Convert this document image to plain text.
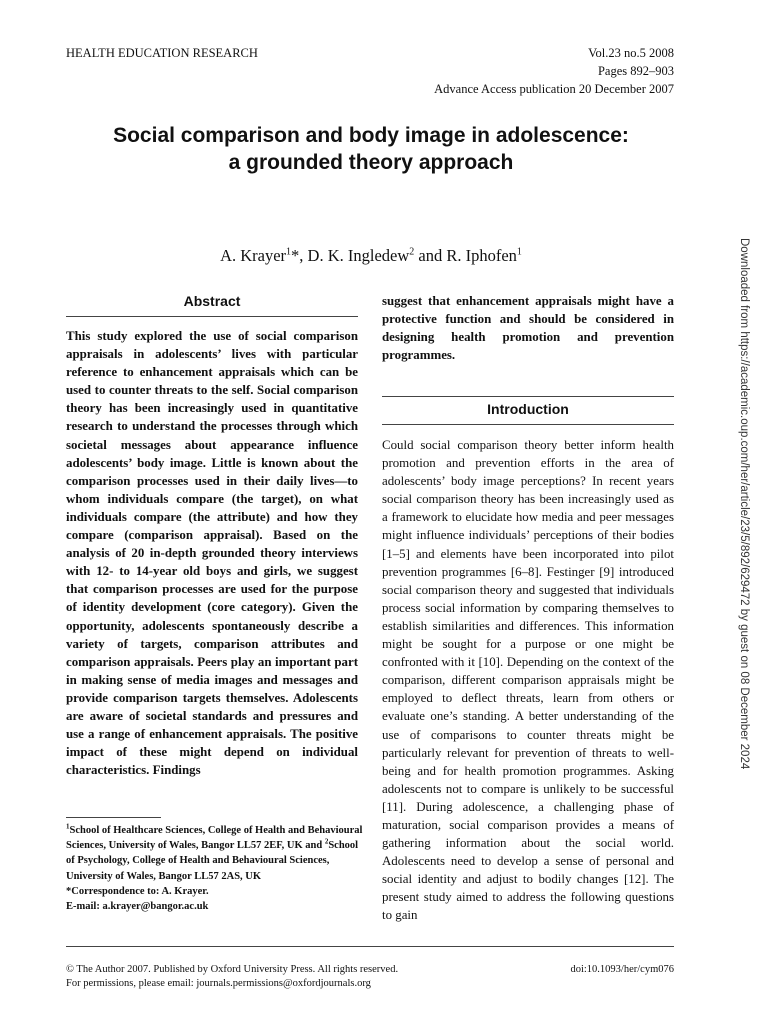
HEALTH EDUCATION RESEARCH	Vol.23 no.5 2008
Pages 892–903
Advance Access publication 20 December 2007
Social comparison and body image in adolescence:
a grounded theory approach
A. Krayer$^1$*, D. K. Ingledew$^2$ and R. Iphofen$^1$	Downloaded from https://academic.oup.com/her/article/23/5/892/629472 by guest on 08 December 2024
Abstract
This study explored the use of social comparison appraisals in adolescents’ lives with particular reference to enhancement appraisals which can be used to counter threats to the self. Social comparison theory has been increasingly used in quantitative research to understand the processes through which societal messages about appearance influence adolescents’ body image. Little is known about the comparison processes used in their daily lives—to whom individuals compare (the target), on what individuals compare (the attribute) and how they compare (comparison appraisal). Based on the analysis of 20 in-depth grounded theory interviews with 12- to 14-year old boys and girls, we suggest that comparison processes are used for the purpose of identity development (core category). Given the opportunity, adolescents spontaneously describe a variety of targets, comparison attributes and comparison appraisals. Peers play an important part in making sense of media images and messages and provide comparison targets themselves. Adolescents are aware of societal standards and pressures and use a range of enhancement appraisals. The positive impact of these might depend on individual characteristics. Findings
$^1$School of Healthcare Sciences, College of Health and Behavioural Sciences, University of Wales, Bangor LL57 2EF, UK and $^2$School of Psychology, College of Health and Behavioural Sciences, University of Wales, Bangor LL57 2AS, UK
*Correspondence to: A. Krayer.
E-mail: a.krayer@bangor.ac.uk
suggest that enhancement appraisals might have a protective function and should be considered in designing health promotion and prevention programmes.
Introduction
Could social comparison theory better inform health promotion and prevention efforts in the area of adolescents’ body image perceptions? In recent years social comparison theory has been increasingly used as a framework to elucidate how media and peer messages might influence individuals’ perceptions of their bodies [1–5] and elements have been incorporated into pilot prevention programmes [6–8]. Festinger [9] introduced social comparison theory and suggested that individuals process social information by comparing themselves to establish similarities and differences. This information might be sought for a purpose or one might be confronted with it [10]. Depending on the context of the comparison, different comparison appraisals might be employed to deflect threats, learn from others or evaluate one’s standing. A better understanding of the use of comparisons to counter threats might be particularly relevant for prevention of threats to well-being and for health promotion programmes. Asking adolescents not to compare is unlikely to be successful [11]. During adolescence, a challenging phase of maturation, social comparison provides a means of gathering information about the social world. Adolescents need to develop a sense of personal and social identity and adjust to bodily changes [12]. The present study aimed to address the following questions to gain
© The Author 2007. Published by Oxford University Press. All rights reserved.
For permissions, please email: journals.permissions@oxfordjournals.org
doi:10.1093/her/cym076
